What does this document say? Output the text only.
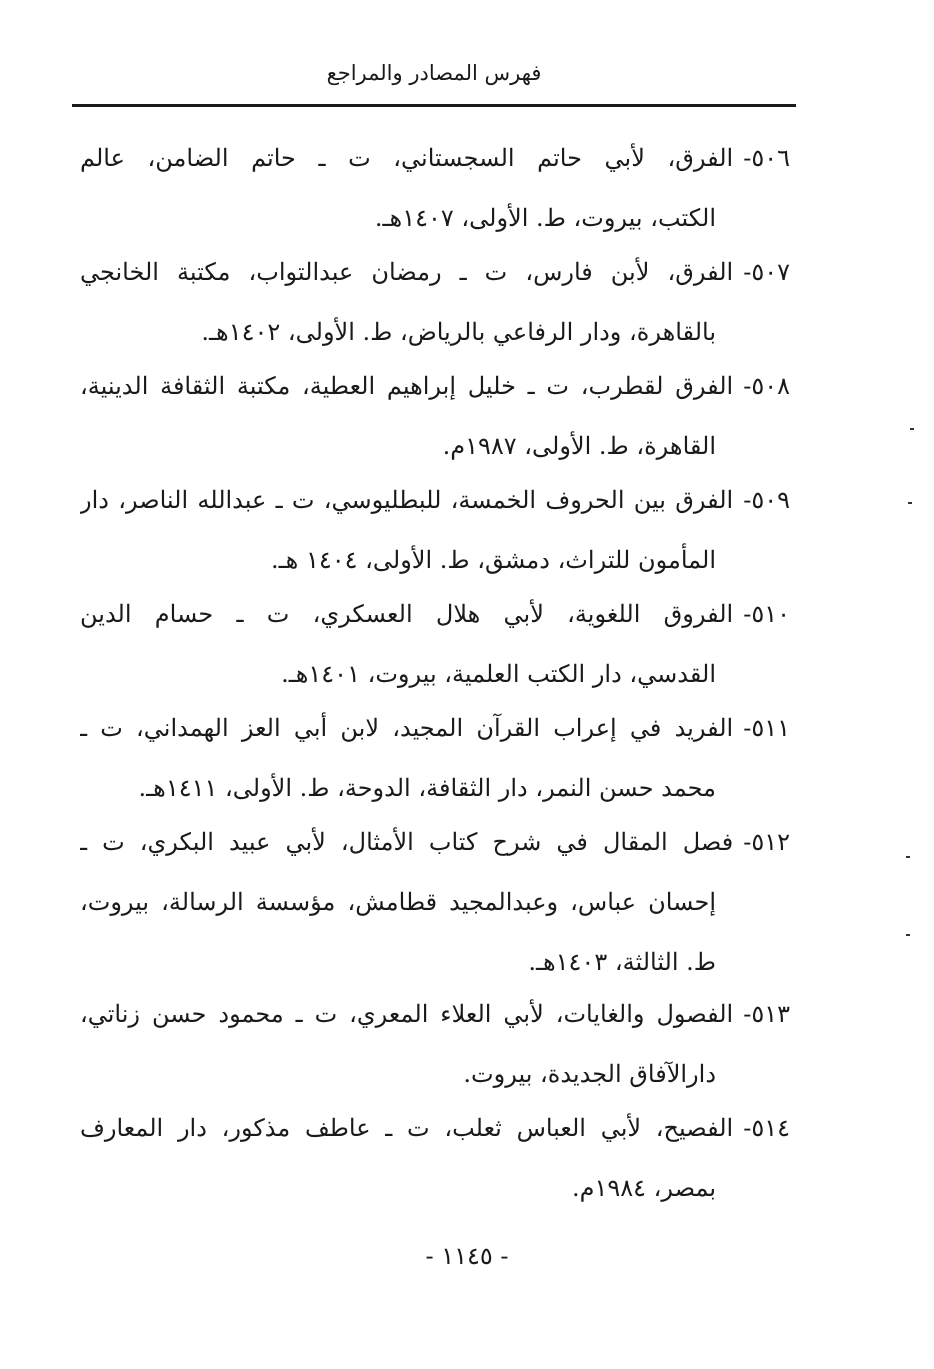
فهرس المصادر والمراجع
٥٠٦-الفرق، لأبي حاتم السجستاني، ت ـ حاتم الضامن، عالم
الكتب، بيروت، ط. الأولى، ١٤٠٧هـ.
٥٠٧-الفرق، لأبن فارس، ت ـ رمضان عبدالتواب، مكتبة الخانجي
بالقاهرة، ودار الرفاعي بالرياض، ط. الأولى، ١٤٠٢هـ.
٥٠٨-الفرق لقطرب، ت ـ خليل إبراهيم العطية، مكتبة الثقافة الدينية،
القاهرة، ط. الأولى، ١٩٨٧م.
٥٠٩-الفرق بين الحروف الخمسة، للبطليوسي، ت ـ عبدالله الناصر، دار
المأمون للتراث، دمشق، ط. الأولى، ١٤٠٤ هـ.
٥١٠-الفروق اللغوية، لأبي هلال العسكري، ت ـ حسام الدين
القدسي، دار الكتب العلمية، بيروت، ١٤٠١هـ.
٥١١-الفريد في إعراب القرآن المجيد، لابن أبي العز الهمداني، ت ـ
محمد حسن النمر، دار الثقافة، الدوحة، ط. الأولى، ١٤١١هـ.
٥١٢-فصل المقال في شرح كتاب الأمثال، لأبي عبيد البكري، ت ـ
إحسان عباس، وعبدالمجيد قطامش، مؤسسة الرسالة، بيروت،
ط. الثالثة، ١٤٠٣هـ.
٥١٣-الفصول والغايات، لأبي العلاء المعري، ت ـ محمود حسن زناتي،
دارالآفاق الجديدة، بيروت.
٥١٤-الفصيح، لأبي العباس ثعلب، ت ـ عاطف مذكور، دار المعارف
بمصر، ١٩٨٤م.
- ١١٤٥ -
